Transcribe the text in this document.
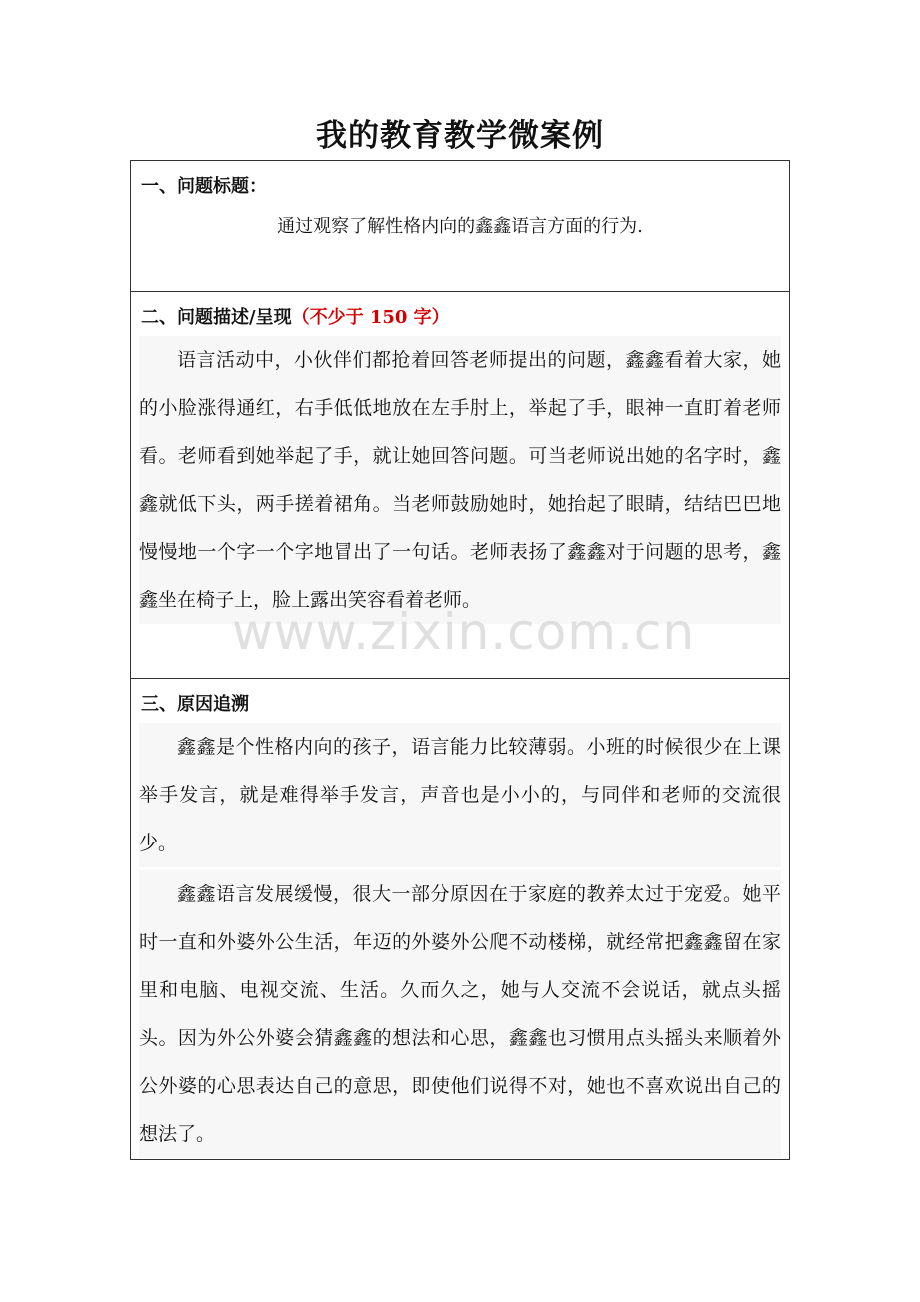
我的教育教学微案例
一、问题标题：
通过观察了解性格内向的鑫鑫语言方面的行为.
二、问题描述/呈现（不少于 150 字）

语言活动中，小伙伴们都抢着回答老师提出的问题，鑫鑫看着大家，她的小脸涨得通红，右手低低地放在左手肘上，举起了手，眼神一直盯着老师看。老师看到她举起了手，就让她回答问题。可当老师说出她的名字时，鑫鑫就低下头，两手搓着裙角。当老师鼓励她时，她抬起了眼睛，结结巴巴地慢慢地一个字一个字地冒出了一句话。老师表扬了鑫鑫对于问题的思考，鑫鑫坐在椅子上，脸上露出笑容看着老师。

三、原因追溯

鑫鑫是个性格内向的孩子，语言能力比较薄弱。小班的时候很少在上课举手发言，就是难得举手发言，声音也是小小的，与同伴和老师的交流很少。

鑫鑫语言发展缓慢，很大一部分原因在于家庭的教养太过于宠爱。她平时一直和外婆外公生活，年迈的外婆外公爬不动楼梯，就经常把鑫鑫留在家里和电脑、电视交流、生活。久而久之，她与人交流不会说话，就点头摇头。因为外公外婆会猜鑫鑫的想法和心思，鑫鑫也习惯用点头摇头来顺着外公外婆的心思表达自己的意思，即使他们说得不对，她也不喜欢说出自己的想法了。

www.zixin.com.cn
